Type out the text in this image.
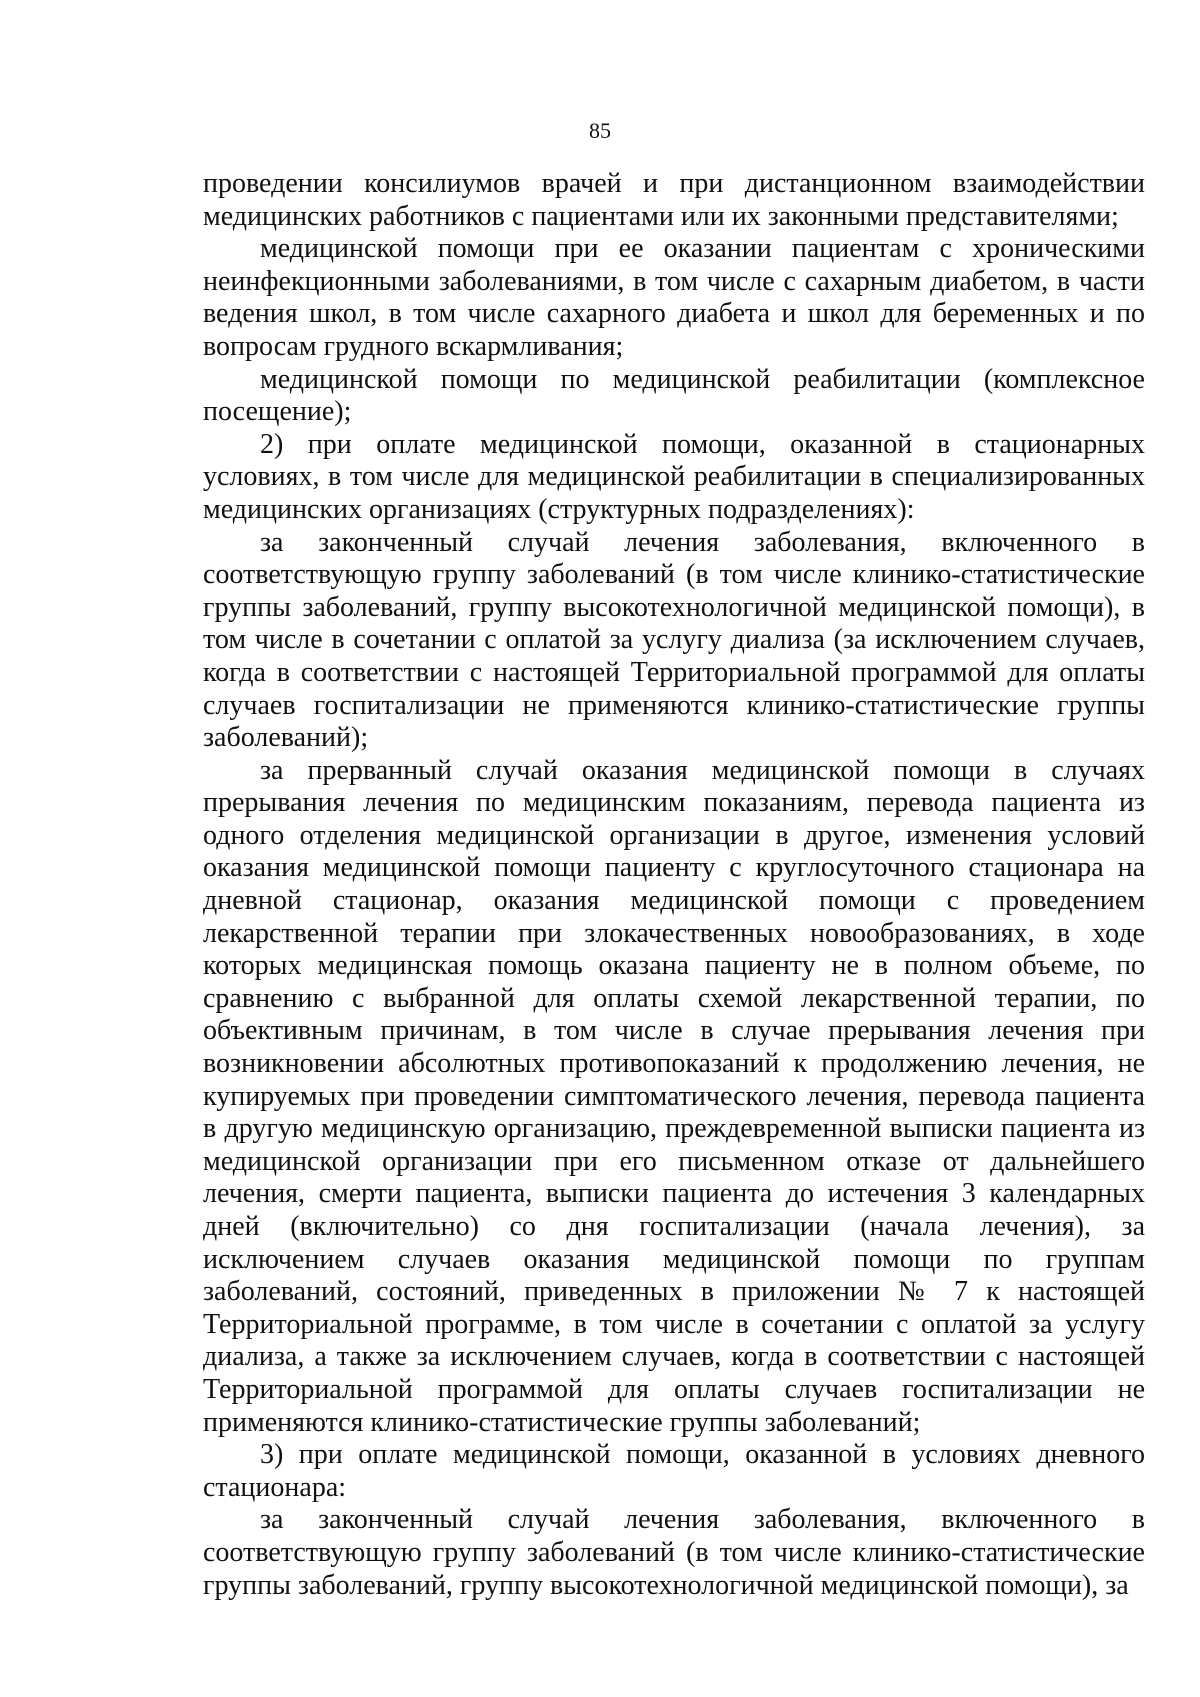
85

проведении консилиумов врачей и при дистанционном взаимодействии медицинских работников с пациентами или их законными представителями;

медицинской помощи при ее оказании пациентам с хроническими неинфекционными заболеваниями, в том числе с сахарным диабетом, в части ведения школ, в том числе сахарного диабета и школ для беременных и по вопросам грудного вскармливания;

медицинской помощи по медицинской реабилитации (комплексное посещение);

2) при оплате медицинской помощи, оказанной в стационарных условиях, в том числе для медицинской реабилитации в специализированных медицинских организациях (структурных подразделениях):

за законченный случай лечения заболевания, включенного в соответствующую группу заболеваний (в том числе клинико-статистические группы заболеваний, группу высокотехнологичной медицинской помощи), в том числе в сочетании с оплатой за услугу диализа (за исключением случаев, когда в соответствии с настоящей Территориальной программой для оплаты случаев госпитализации не применяются клинико-статистические группы заболеваний);

за прерванный случай оказания медицинской помощи в случаях прерывания лечения по медицинским показаниям, перевода пациента из одного отделения медицинской организации в другое, изменения условий оказания медицинской помощи пациенту с круглосуточного стационара на дневной стационар, оказания медицинской помощи с проведением лекарственной терапии при злокачественных новообразованиях, в ходе которых медицинская помощь оказана пациенту не в полном объеме, по сравнению с выбранной для оплаты схемой лекарственной терапии, по объективным причинам, в том числе в случае прерывания лечения при возникновении абсолютных противопоказаний к продолжению лечения, не купируемых при проведении симптоматического лечения, перевода пациента в другую медицинскую организацию, преждевременной выписки пациента из медицинской организации при его письменном отказе от дальнейшего лечения, смерти пациента, выписки пациента до истечения 3 календарных дней (включительно) со дня госпитализации (начала лечения), за исключением случаев оказания медицинской помощи по группам заболеваний, состояний, приведенных в приложении № 7 к настоящей Территориальной программе, в том числе в сочетании с оплатой за услугу диализа, а также за исключением случаев, когда в соответствии с настоящей Территориальной программой для оплаты случаев госпитализации не применяются клинико-статистические группы заболеваний;

3) при оплате медицинской помощи, оказанной в условиях дневного стационара:

за законченный случай лечения заболевания, включенного в соответствующую группу заболеваний (в том числе клинико-статистические группы заболеваний, группу высокотехнологичной медицинской помощи), за
